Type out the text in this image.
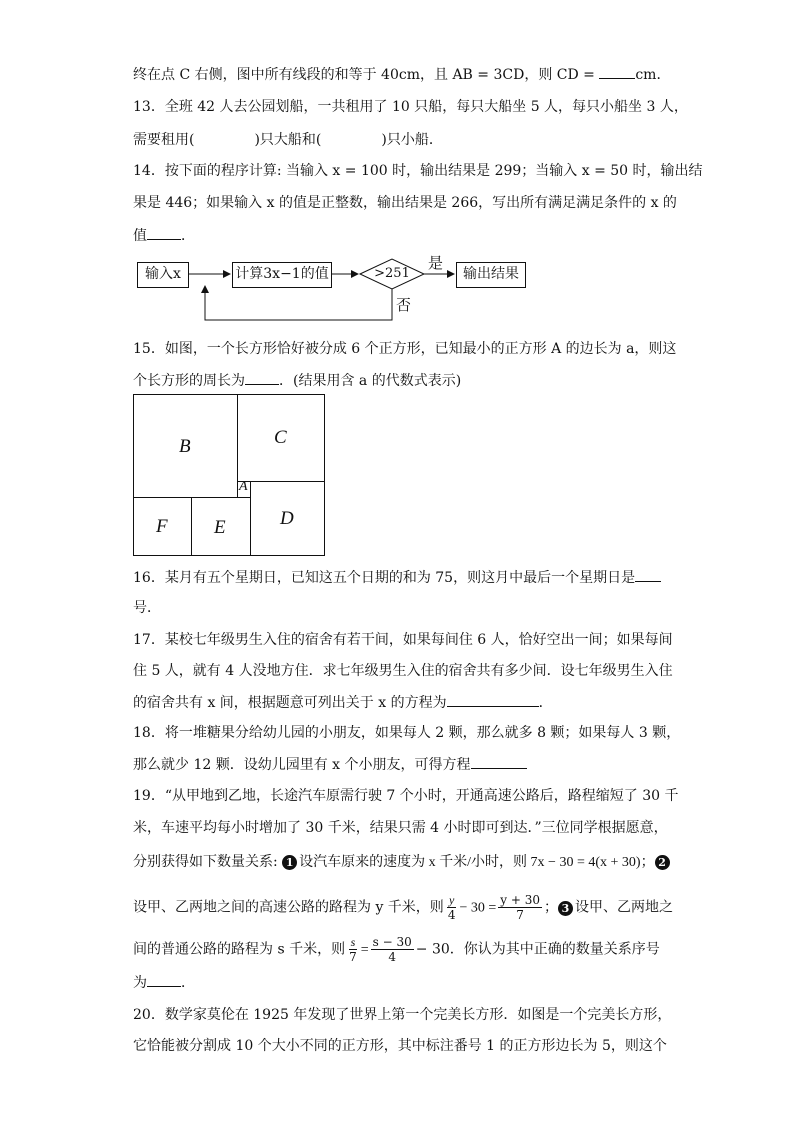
终在点 C 右侧，图中所有线段的和等于 40cm，且 AB = 3CD，则 CD =	cm．
13．全班 42 人去公园划船，一共租用了 10 只船，每只大船坐 5 人，每只小船坐 3 人，
需要租用(	)只大船和(	)只小船．
14．按下面的程序计算: 当输入 x = 100 时，输出结果是 299；当输入 x = 50 时，输出结
果是 446；如果输入 x 的值是正整数，输出结果是 266，写出所有满足满足条件的 x 的
值 ．
输入x	计算3x−1的值	输出结果
>251
是
否
15．如图，一个长方形恰好被分成 6 个正方形，已知最小的正方形 A 的边长为 a，则这
个长方形的周长为 ．(结果用含 a 的代数式表示)
B	C
A
F E	D
16．某月有五个星期日，已知这五个日期的和为 75，则这月中最后一个星期日是
号．
17．某校七年级男生入住的宿舍有若干间，如果每间住 6 人，恰好空出一间；如果每间
住 5 人，就有 4 人没地方住．求七年级男生入住的宿舍共有多少间．设七年级男生入住
的宿舍共有 x 间，根据题意可列出关于 x 的方程为	．
18．将一堆糖果分给幼儿园的小朋友，如果每人 2 颗，那么就多 8 颗；如果每人 3 颗，
那么就少 12 颗．设幼儿园里有 x 个小朋友，可得方程
19．“从甲地到乙地，长途汽车原需行驶 7 个小时，开通高速公路后，路程缩短了 30 千
米，车速平均每小时增加了 30 千米，结果只需 4 小时即可到达．”三位同学根据愿意，
分别获得如下数量关系: 1 设汽车原来的速度为 x 千米/小时，则 7x − 30 = 4(x + 30)； 2
设甲、乙两地之间的高速公路的路程为 y 千米，则 $\frac{y}{4} - 30 = \frac{y + 30}{7}$ ； 3 设甲、乙两地之
间的普通公路的路程为 s 千米，则 $\frac{s}{7} = \frac{s - 30}{4} - 30$．你认为其中正确的数量关系序号
为 ．
20．数学家莫伦在 1925 年发现了世界上第一个完美长方形．如图是一个完美长方形，
它恰能被分割成 10 个大小不同的正方形，其中标注番号 1 的正方形边长为 5，则这个
